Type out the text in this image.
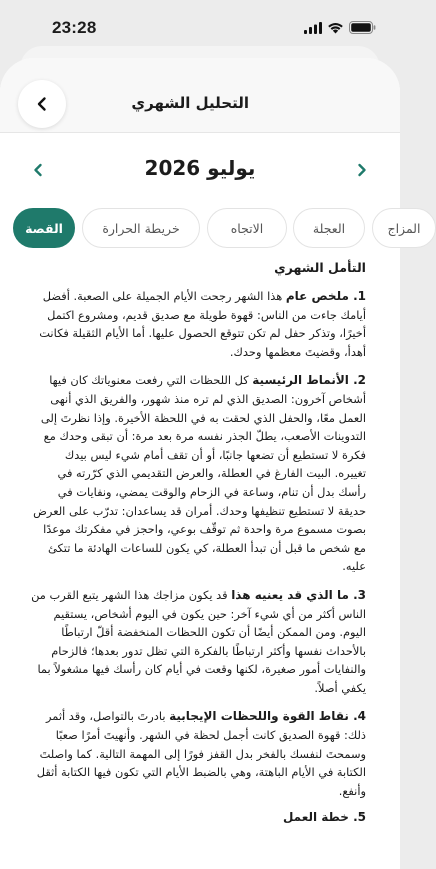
23:28
التحليل الشهري
يوليو 2026
القصة	خريطة الحرارة	الاتجاه	العجلة	المزاج
التأمل الشهري

1. ملخص عام هذا الشهر رجحت الأيام الجميلة على الصعبة. أفضل أيامك جاءت من الناس: قهوة طويلة مع صديق قديم، ومشروع اكتمل أخيرًا، وتذكر حفل لم تكن تتوقع الحصول عليها. أما الأيام الثقيلة فكانت أهدأ، وقضيتَ معظمها وحدك.

2. الأنماط الرئيسية كل اللحظات التي رفعت معنوياتك كان فيها أشخاص آخرون: الصديق الذي لم تره منذ شهور، والفريق الذي أنهى العمل معًا، والحفل الذي لحقت به في اللحظة الأخيرة. وإذا نظرتَ إلى التدوينات الأصعب، يطلّ الجذر نفسه مرة بعد مرة: أن تبقى وحدك مع فكرة لا تستطيع أن تضعها جانبًا، أو أن تقف أمام شيء ليس بيدك تغييره. البيت الفارغ في العطلة، والعرض التقديمي الذي كرّرته في رأسك بدل أن تنام، وساعة في الزحام والوقت يمضي، ونفايات في حديقة لا تستطيع تنظيفها وحدك. أمران قد يساعدان: تدرّب على العرض بصوت مسموع مرة واحدة ثم توقّف بوعي، واحجز في مفكرتك موعدًا مع شخص ما قبل أن تبدأ العطلة، كي يكون للساعات الهادئة ما تتكئ عليه.

3. ما الذي قد يعنيه هذا قد يكون مزاجك هذا الشهر يتبع القرب من الناس أكثر من أي شيء آخر: حين يكون في اليوم أشخاص، يستقيم اليوم. ومن الممكن أيضًا أن تكون اللحظات المنخفضة أقلّ ارتباطًا بالأحداث نفسها وأكثر ارتباطًا بالفكرة التي تظل تدور بعدها؛ فالزحام والنفايات أمور صغيرة، لكنها وقعت في أيام كان رأسك فيها مشغولاً بما يكفي أصلاً.

4. نقاط القوة واللحظات الإيجابية بادرتَ بالتواصل، وقد أثمر ذلك: قهوة الصديق كانت أجمل لحظة في الشهر. وأنهيتَ أمرًا صعبًا وسمحتَ لنفسك بالفخر بدل القفز فورًا إلى المهمة التالية. كما واصلتَ الكتابة في الأيام الباهتة، وهي بالضبط الأيام التي تكون فيها الكتابة أثقل وأنفع.

5. خطة العمل
